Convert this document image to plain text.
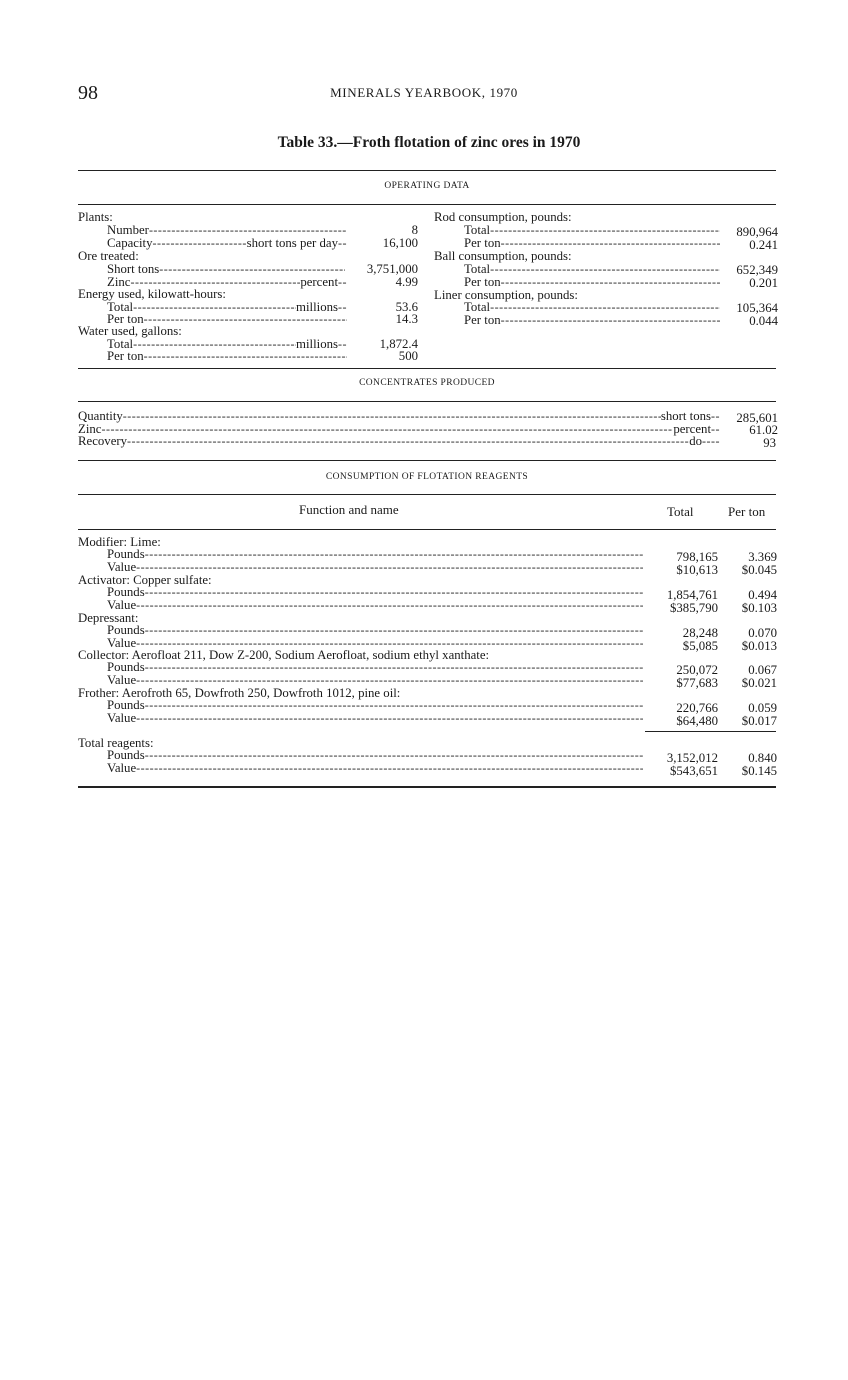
98	MINERALS YEARBOOK, 1970
Table 33.—Froth flotation of zinc ores in 1970
OPERATING DATA
Plants:
Number -----	8
Capacity -----	short tons per day --	16,100
Ore treated:
Short tons -----	3,751,000
Zinc -----	percent --	4.99
Energy used, kilowatt-hours:
Total -----	millions --	53.6
Per ton -----	14.3
Water used, gallons:
Total -----	millions --	1,872.4
Per ton -----	500
Rod consumption, pounds:
Total -----	890,964
Per ton -----	0.241
Ball consumption, pounds:
Total -----	652,349
Per ton -----	0.201
Liner consumption, pounds:
Total -----	105,364
Per ton -----	0.044
CONCENTRATES PRODUCED
Quantity -----	short tons --	285,601
Zinc -----	percent --	61.02
Recovery -----	do ----	93
CONSUMPTION OF FLOTATION REAGENTS
Function and name	Total	Per ton
Modifier: Lime:
Pounds -----	798,165	3.369
Value -----	$10,613	$0.045
Activator: Copper sulfate:
Pounds -----	1,854,761	0.494
Value -----	$385,790	$0.103
Depressant:
Pounds -----	28,248	0.070
Value -----	$5,085	$0.013
Collector: Aerofloat 211, Dow Z-200, Sodium Aerofloat, sodium ethyl xanthate:
Pounds -----	250,072	0.067
Value -----	$77,683	$0.021
Frother: Aerofroth 65, Dowfroth 250, Dowfroth 1012, pine oil:
Pounds -----	220,766	0.059
Value -----	$64,480	$0.017
Total reagents:
Pounds -----	3,152,012	0.840
Value -----	$543,651	$0.145
